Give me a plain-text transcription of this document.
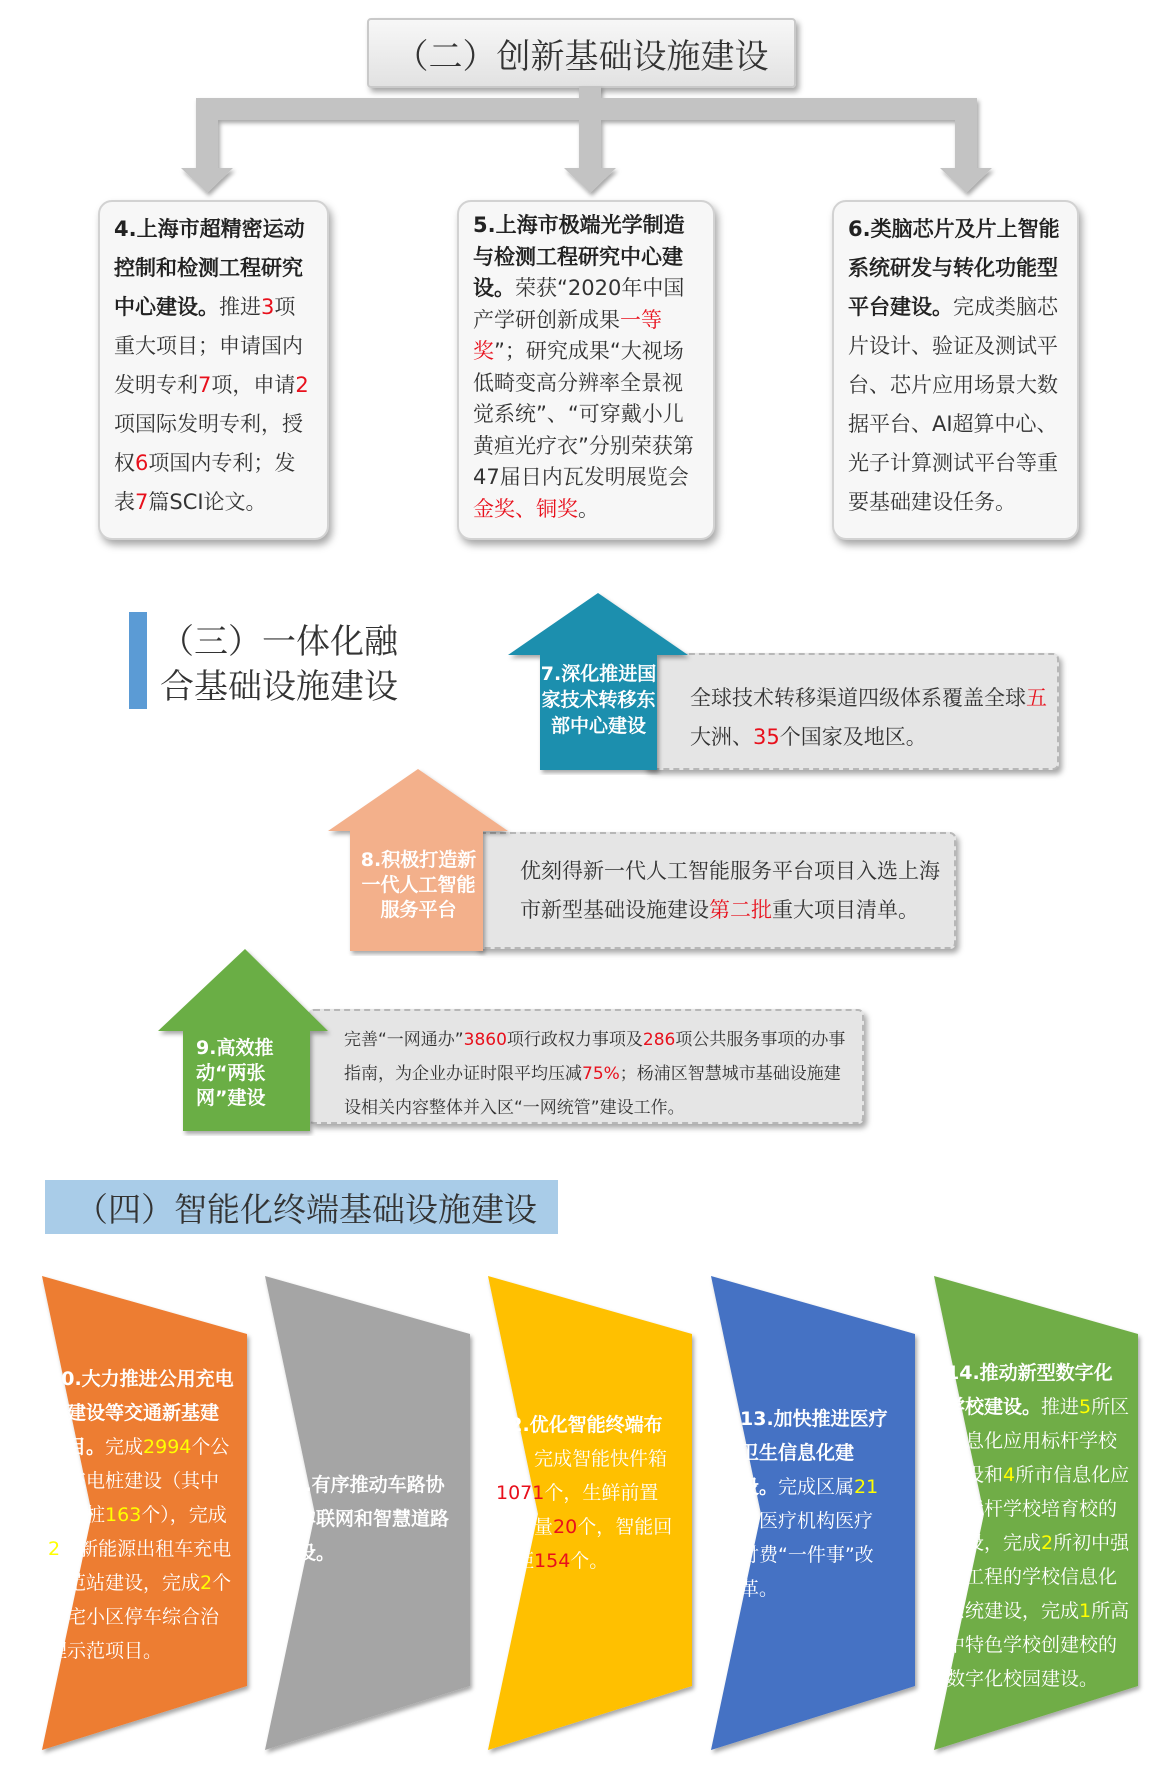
（二）创新基础设施建设
4.上海市超精密运动控制和检测工程研究中心建设。推进3项重大项目；申请国内发明专利7项，申请2项国际发明专利，授权6项国内专利；发表7篇SCI论文。
5.上海市极端光学制造与检测工程研究中心建设。荣获“2020年中国产学研创新成果一等奖”；研究成果“大视场低畸变高分辨率全景视觉系统”、“可穿戴小儿黄疸光疗衣”分别荣获第47届日内瓦发明展览会金奖、铜奖。
6.类脑芯片及片上智能系统研发与转化功能型平台建设。完成类脑芯片设计、验证及测试平台、芯片应用场景大数据平台、AI超算中心、光子计算测试平台等重要基础建设任务。
（三）一体化融
合基础设施建设	全球技术转移渠道四级体系覆盖全球五大洲、35个国家及地区。
7.深化推进国家技术转移东部中心建设
优刻得新一代人工智能服务平台项目入选上海市新型基础设施建设第二批重大项目清单。
8.积极打造新一代人工智能服务平台
完善“一网通办”3860项行政权力事项及286项公共服务事项的办事指南，为企业办证时限平均压减75%；杨浦区智慧城市基础设施建设相关内容整体并入区“一网统管”建设工作。
9.高效推动“两张网”建设
（四）智能化终端基础设施建设
10.大力推进公用充电桩建设等交通新基建项目。完成2994个公共充电桩建设（其中快充桩163个），完成2处新能源出租车充电示范站建设，完成2个住宅小区停车综合治理示范项目。
11.有序推动车路协同车联网和智慧道路建设。
12.优化智能终端布局。完成智能快件箱1071个，生鲜前置仓数量20个，智能回收柜154个。
13.加快推进医疗卫生信息化建设。完成区属21家医疗机构医疗付费“一件事”改革。
14.推动新型数字化学校建设。推进5所区信息化应用标杆学校建设和4所市信息化应用标杆学校培育校的建设，完成2所初中强校工程的学校信息化系统建设，完成1所高中特色学校创建校的数字化校园建设。
